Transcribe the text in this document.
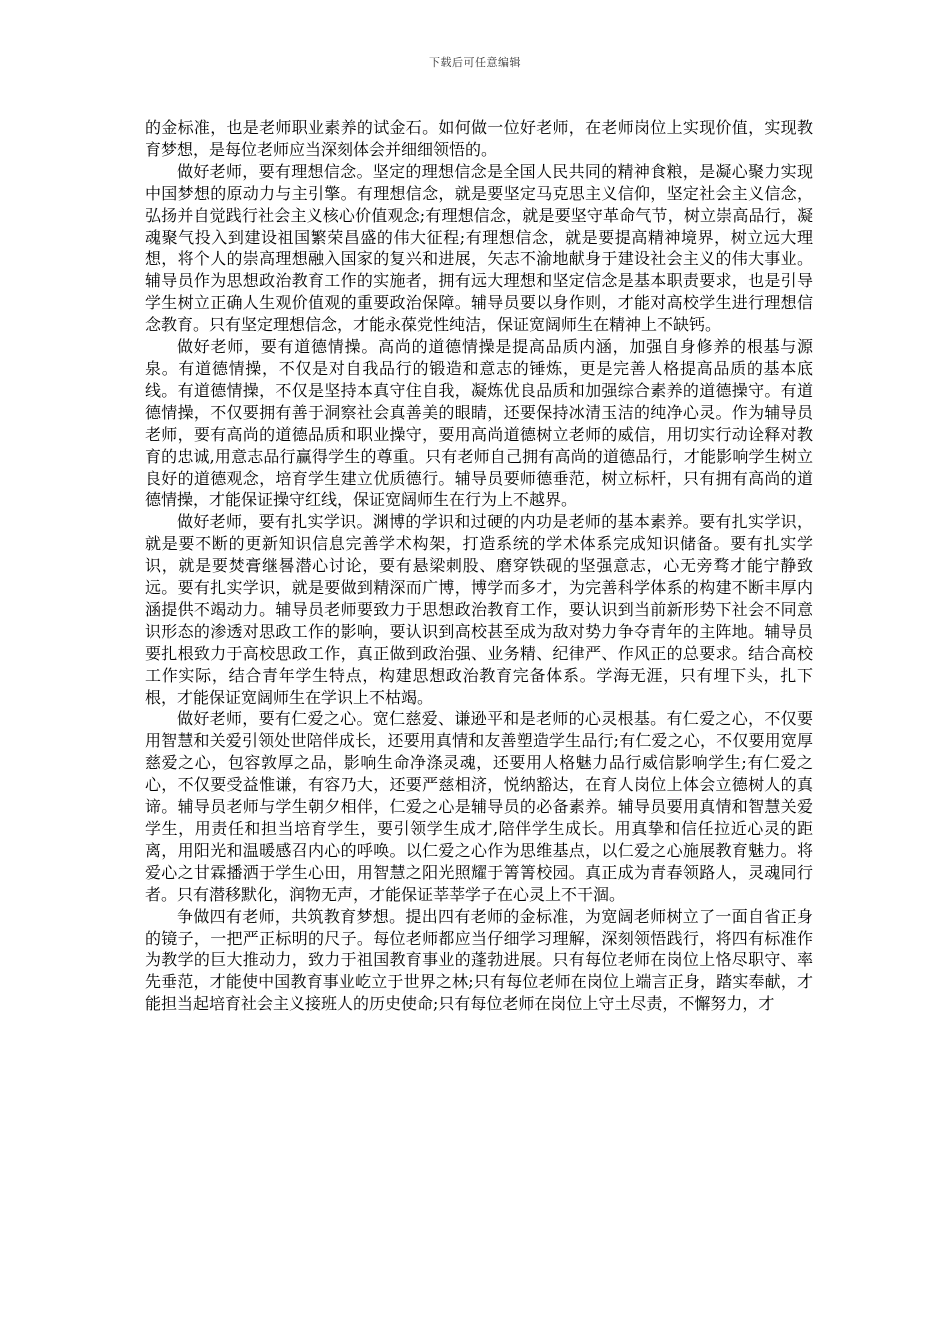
下载后可任意编辑

的金标准，也是老师职业素养的试金石。如何做一位好老师，在老师岗位上实现价值，实现教育梦想，是每位老师应当深刻体会并细细领悟的。

做好老师，要有理想信念。坚定的理想信念是全国人民共同的精神食粮，是凝心聚力实现中国梦想的原动力与主引擎。有理想信念，就是要坚定马克思主义信仰，坚定社会主义信念，弘扬并自觉践行社会主义核心价值观念;有理想信念，就是要坚守革命气节，树立崇高品行，凝魂聚气投入到建设祖国繁荣昌盛的伟大征程;有理想信念，就是要提高精神境界，树立远大理想，将个人的崇高理想融入国家的复兴和进展，矢志不渝地献身于建设社会主义的伟大事业。辅导员作为思想政治教育工作的实施者，拥有远大理想和坚定信念是基本职责要求，也是引导学生树立正确人生观价值观的重要政治保障。辅导员要以身作则，才能对高校学生进行理想信念教育。只有坚定理想信念，才能永葆党性纯洁，保证宽阔师生在精神上不缺钙。

做好老师，要有道德情操。高尚的道德情操是提高品质内涵，加强自身修养的根基与源泉。有道德情操，不仅是对自我品行的锻造和意志的锤炼，更是完善人格提高品质的基本底线。有道德情操，不仅是坚持本真守住自我，凝炼优良品质和加强综合素养的道德操守。有道德情操，不仅要拥有善于洞察社会真善美的眼睛，还要保持冰清玉洁的纯净心灵。作为辅导员老师，要有高尚的道德品质和职业操守，要用高尚道德树立老师的威信，用切实行动诠释对教育的忠诚,用意志品行赢得学生的尊重。只有老师自己拥有高尚的道德品行，才能影响学生树立良好的道德观念，培育学生建立优质德行。辅导员要师德垂范，树立标杆，只有拥有高尚的道德情操，才能保证操守红线，保证宽阔师生在行为上不越界。

做好老师，要有扎实学识。渊博的学识和过硬的内功是老师的基本素养。要有扎实学识，就是要不断的更新知识信息完善学术构架，打造系统的学术体系完成知识储备。要有扎实学识，就是要焚膏继晷潜心讨论，要有悬梁刺股、磨穿铁砚的坚强意志，心无旁骛才能宁静致远。要有扎实学识，就是要做到精深而广博，博学而多才，为完善科学体系的构建不断丰厚内涵提供不竭动力。辅导员老师要致力于思想政治教育工作，要认识到当前新形势下社会不同意识形态的渗透对思政工作的影响，要认识到高校甚至成为敌对势力争夺青年的主阵地。辅导员要扎根致力于高校思政工作，真正做到政治强、业务精、纪律严、作风正的总要求。结合高校工作实际，结合青年学生特点，构建思想政治教育完备体系。学海无涯，只有埋下头，扎下根，才能保证宽阔师生在学识上不枯竭。

做好老师，要有仁爱之心。宽仁慈爱、谦逊平和是老师的心灵根基。有仁爱之心，不仅要用智慧和关爱引领处世陪伴成长，还要用真情和友善塑造学生品行;有仁爱之心，不仅要用宽厚慈爱之心，包容敦厚之品，影响生命净涤灵魂，还要用人格魅力品行威信影响学生;有仁爱之心，不仅要受益惟谦，有容乃大，还要严慈相济，悦纳豁达，在育人岗位上体会立德树人的真谛。辅导员老师与学生朝夕相伴，仁爱之心是辅导员的必备素养。辅导员要用真情和智慧关爱学生，用责任和担当培育学生，要引领学生成才,陪伴学生成长。用真挚和信任拉近心灵的距离，用阳光和温暖感召内心的呼唤。以仁爱之心作为思维基点，以仁爱之心施展教育魅力。将爱心之甘霖播洒于学生心田，用智慧之阳光照耀于箐箐校园。真正成为青春领路人，灵魂同行者。只有潜移默化，润物无声，才能保证莘莘学子在心灵上不干涸。

争做四有老师，共筑教育梦想。提出四有老师的金标准，为宽阔老师树立了一面自省正身的镜子，一把严正标明的尺子。每位老师都应当仔细学习理解，深刻领悟践行，将四有标准作为教学的巨大推动力，致力于祖国教育事业的蓬勃进展。只有每位老师在岗位上恪尽职守、率先垂范，才能使中国教育事业屹立于世界之林;只有每位老师在岗位上端言正身，踏实奉献，才能担当起培育社会主义接班人的历史使命;只有每位老师在岗位上守土尽责，不懈努力，才
